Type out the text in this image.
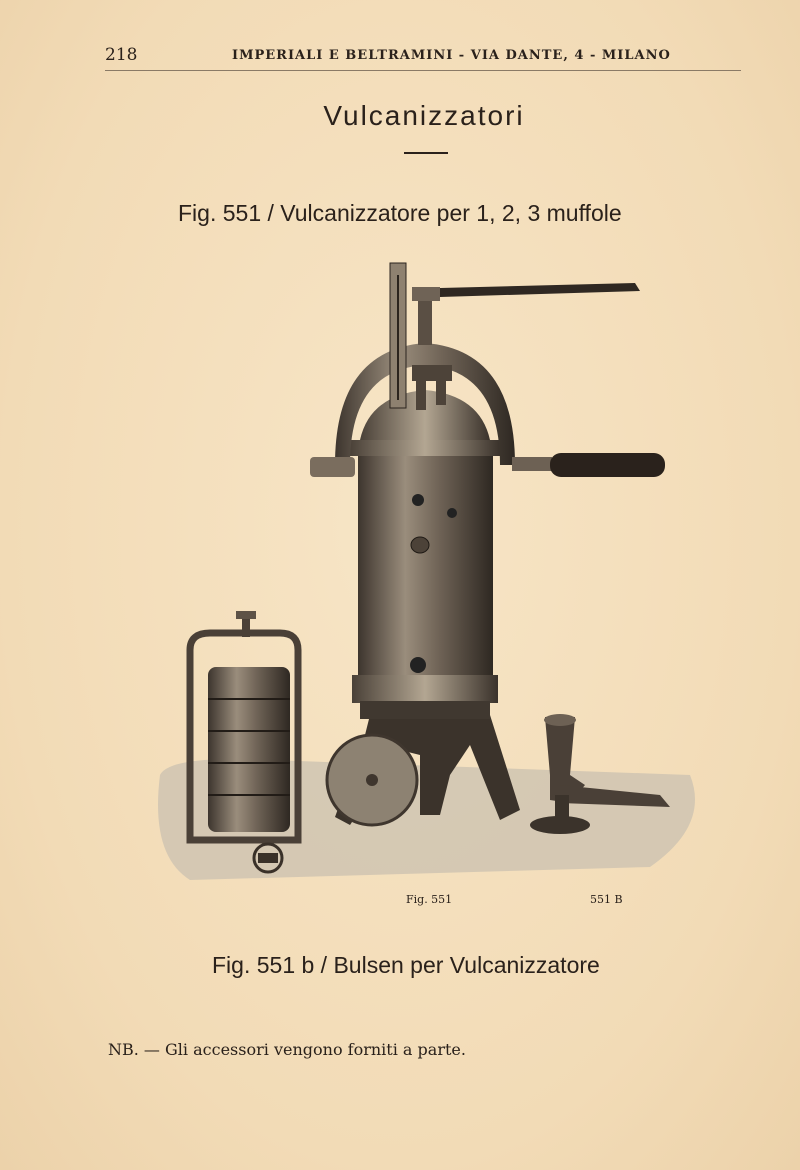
218	IMPERIALI E BELTRAMINI - VIA DANTE, 4 - MILANO
Vulcanizzatori
Fig. 551 / Vulcanizzatore per 1, 2, 3 muffole
Fig. 551	551 B
Fig. 551 b / Bulsen per Vulcanizzatore
NB. — Gli accessori vengono forniti a parte.
